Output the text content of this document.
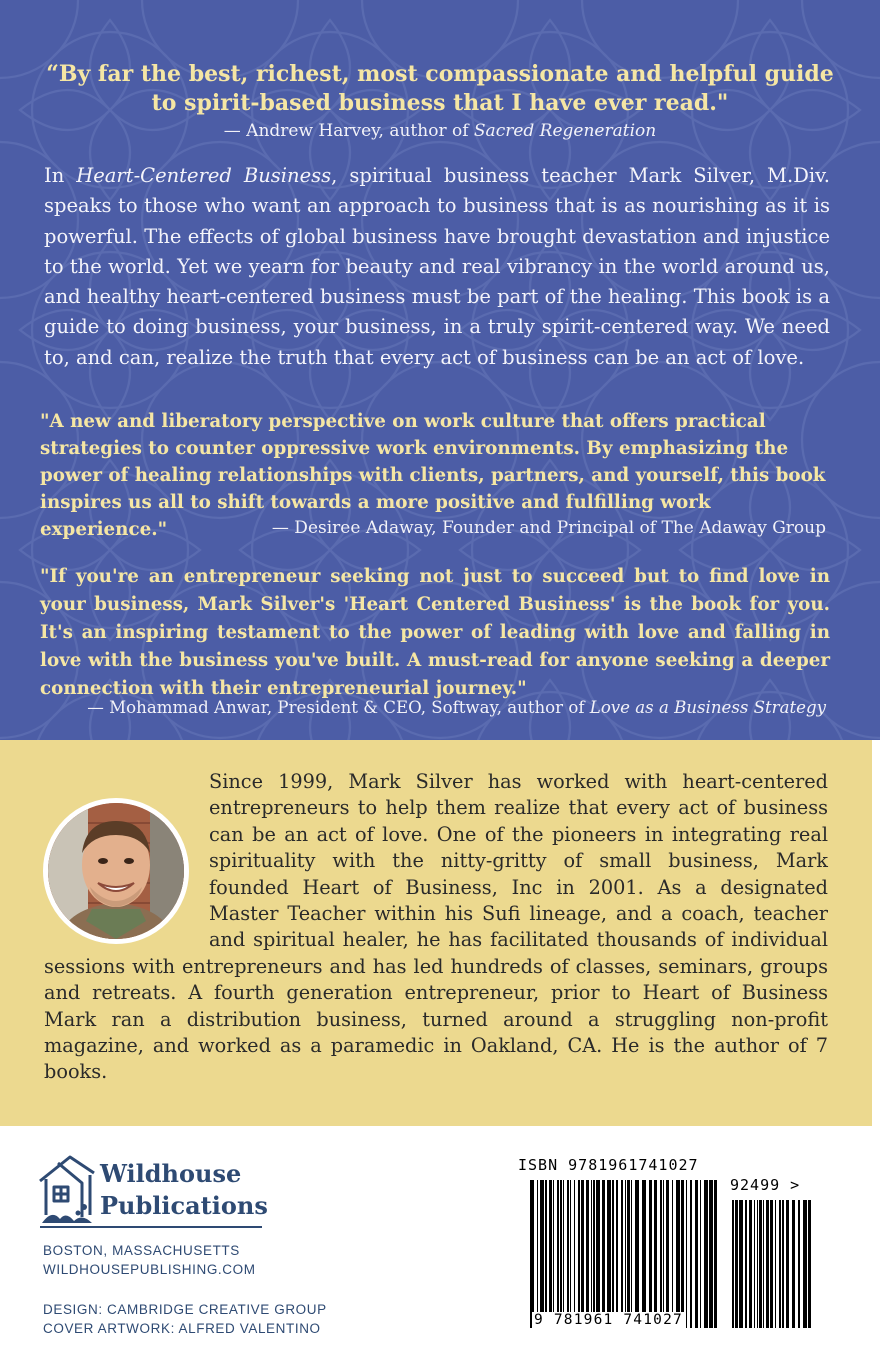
“By far the best, richest, most compassionate and helpful guide to spirit-based business that I have ever read."
— Andrew Harvey, author of Sacred Regeneration
In Heart-Centered Business, spiritual business teacher Mark Silver, M.Div. speaks to those who want an approach to business that is as nourishing as it is powerful. The effects of global business have brought devastation and injustice to the world. Yet we yearn for beauty and real vibrancy in the world around us, and healthy heart-centered business must be part of the healing. This book is a guide to doing business, your business, in a truly spirit-centered way. We need to, and can, realize the truth that every act of business can be an act of love.
"A new and liberatory perspective on work culture that offers practical strategies to counter oppressive work environments. By emphasizing the power of healing relationships with clients, partners, and yourself, this book inspires us all to shift towards a more positive and fulfilling work experience."	— Desiree Adaway, Founder and Principal of The Adaway Group
"If you're an entrepreneur seeking not just to succeed but to find love in your business, Mark Silver's 'Heart Centered Business' is the book for you. It's an inspiring testament to the power of leading with love and falling in love with the business you've built. A must-read for anyone seeking a deeper connection with their entrepreneurial journey."
— Mohammad Anwar, President & CEO, Softway, author of Love as a Business Strategy
Since 1999, Mark Silver has worked with heart-centered entrepreneurs to help them realize that every act of business can be an act of love. One of the pioneers in integrating real spirituality with the nitty-gritty of small business, Mark founded Heart of Business, Inc in 2001. As a designated Master Teacher within his Sufi lineage, and a coach, teacher and spiritual healer, he has facilitated thousands of individual sessions with entrepreneurs and has led hundreds of classes, seminars, groups and retreats. A fourth generation entrepreneur, prior to Heart of Business Mark ran a distribution business, turned around a struggling non-profit magazine, and worked as a paramedic in Oakland, CA. He is the author of 7 books.
Wildhouse
Publications
BOSTON, MASSACHUSETTS
WILDHOUSEPUBLISHING.COM
DESIGN: CAMBRIDGE CREATIVE GROUP
COVER ARTWORK: ALFRED VALENTINO
ISBN 9781961741027
92499 >
9 781961 741027
